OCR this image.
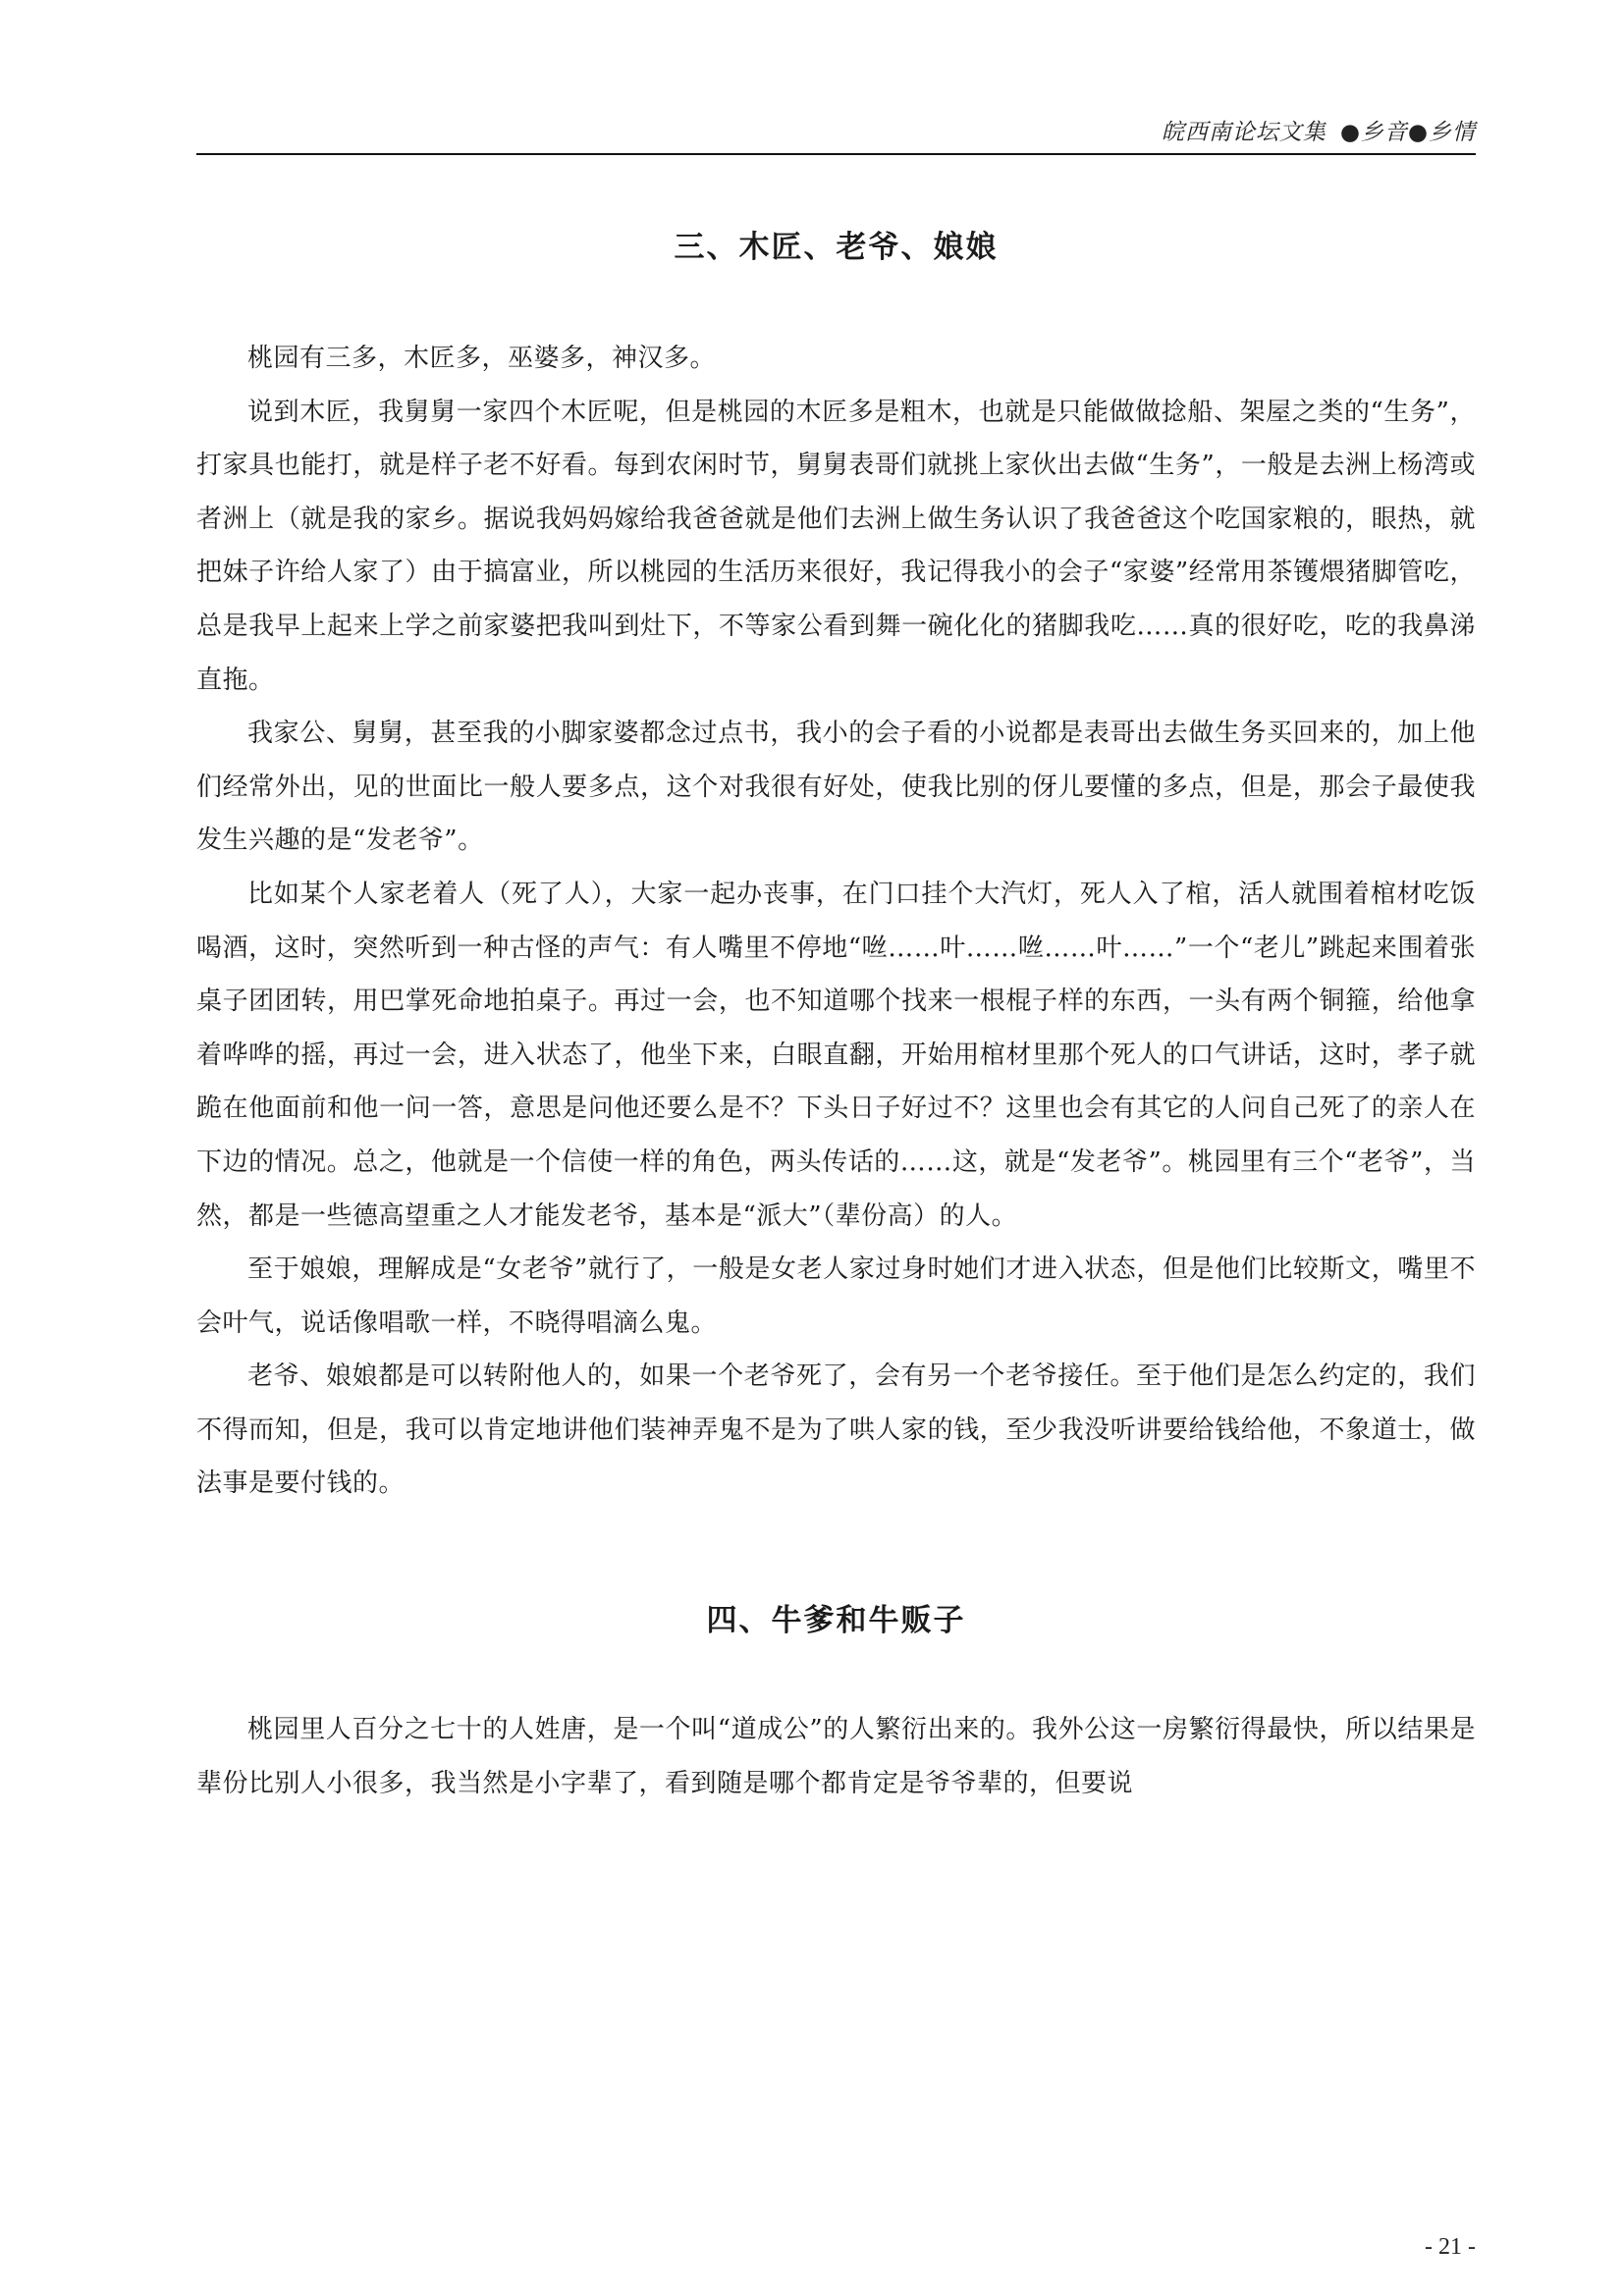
皖西南论坛文集 ●乡音●乡情
三、木匠、老爷、娘娘

桃园有三多，木匠多，巫婆多，神汉多。

说到木匠，我舅舅一家四个木匠呢，但是桃园的木匠多是粗木，也就是只能做做捻船、架屋之类的“生务”，打家具也能打，就是样子老不好看。每到农闲时节，舅舅表哥们就挑上家伙出去做“生务”，一般是去洲上杨湾或者洲上（就是我的家乡。据说我妈妈嫁给我爸爸就是他们去洲上做生务认识了我爸爸这个吃国家粮的，眼热，就把妹子许给人家了）由于搞富业，所以桃园的生活历来很好，我记得我小的会子“家婆”经常用茶镬煨猪脚管吃，总是我早上起来上学之前家婆把我叫到灶下，不等家公看到舞一碗化化的猪脚我吃……真的很好吃，吃的我鼻涕直拖。

我家公、舅舅，甚至我的小脚家婆都念过点书，我小的会子看的小说都是表哥出去做生务买回来的，加上他们经常外出，见的世面比一般人要多点，这个对我很有好处，使我比别的伢儿要懂的多点，但是，那会子最使我发生兴趣的是“发老爷”。

比如某个人家老着人（死了人），大家一起办丧事，在门口挂个大汽灯，死人入了棺，活人就围着棺材吃饭喝酒，这时，突然听到一种古怪的声气：有人嘴里不停地“咝……叶……咝……叶……”一个“老儿”跳起来围着张桌子团团转，用巴掌死命地拍桌子。再过一会，也不知道哪个找来一根棍子样的东西，一头有两个铜箍，给他拿着哗哗的摇，再过一会，进入状态了，他坐下来，白眼直翻，开始用棺材里那个死人的口气讲话，这时，孝子就跪在他面前和他一问一答，意思是问他还要么是不？下头日子好过不？这里也会有其它的人问自己死了的亲人在下边的情况。总之，他就是一个信使一样的角色，两头传话的……这，就是“发老爷”。桃园里有三个“老爷”，当然，都是一些德高望重之人才能发老爷，基本是“派大”（辈份高）的人。

至于娘娘，理解成是“女老爷”就行了，一般是女老人家过身时她们才进入状态，但是他们比较斯文，嘴里不会叶气，说话像唱歌一样，不晓得唱滴么鬼。

老爷、娘娘都是可以转附他人的，如果一个老爷死了，会有另一个老爷接任。至于他们是怎么约定的，我们不得而知，但是，我可以肯定地讲他们装神弄鬼不是为了哄人家的钱，至少我没听讲要给钱给他，不象道士，做法事是要付钱的。

四、牛爹和牛贩子

桃园里人百分之七十的人姓唐，是一个叫“道成公”的人繁衍出来的。我外公这一房繁衍得最快，所以结果是辈份比别人小很多，我当然是小字辈了，看到随是哪个都肯定是爷爷辈的，但要说

- 21 -
